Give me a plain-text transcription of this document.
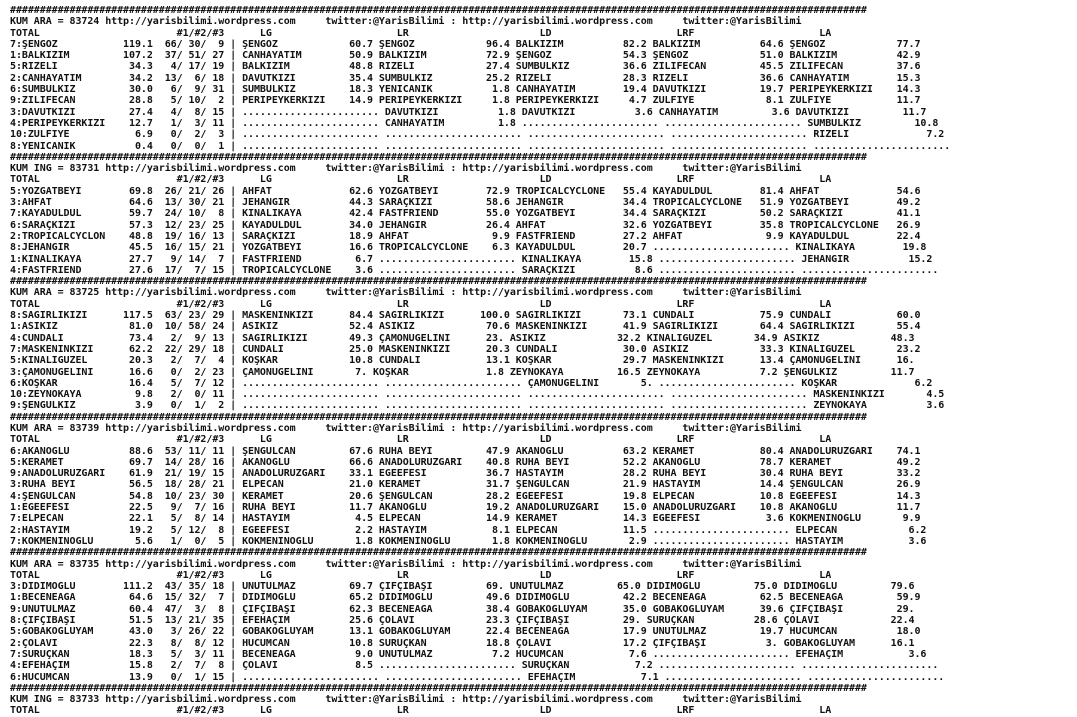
################################################################################################################################################
KUM ARA = 83724 http://yarisbilimi.wordpress.com     twitter:@YarisBilimi : http://yarisbilimi.wordpress.com     twitter:@YarisBilimi
TOTAL                       #1/#2/#3      LG                     LR                      LD                     LRF                     LA
7:ŞENGÖZ           119.1  66/ 30/  9 | ŞENGÖZ            60.7 ŞENGÖZ            96.4 BALKIZIM          82.2 BALKIZIM          64.6 ŞENGÖZ            77.7
1:BALKIZIM         107.2  37/ 51/ 27 | CANHAYATIM        50.9 BALKIZIM          72.9 ŞENGÖZ            54.3 ŞENGÖZ            51.0 BALKIZIM          42.9
5:RİZELİ            34.3   4/ 17/ 19 | BALKIZIM          48.8 RİZELİ            27.4 SÜMBÜLKIZ         36.6 ZİLİFECAN         45.5 ZİLİFECAN         37.6
2:CANHAYATIM        34.2  13/  6/ 18 | DAVUTKIZI         35.4 SÜMBÜLKIZ         25.2 RİZELİ            28.3 RİZELİ            36.6 CANHAYATIM        15.3
6:SÜMBÜLKIZ         30.0   6/  9/ 31 | SÜMBÜLKIZ         18.3 YENİCANİK          1.8 CANHAYATIM        19.4 DAVUTKIZI         19.7 PERİPEYKERKIZI    14.3
9:ZİLİFECAN         28.8   5/ 10/  2 | PERİPEYKERKIZI    14.9 PERİPEYKERKIZI     1.8 PERİPEYKERKIZI     4.7 ZÜLFİYE            8.1 ZÜLFİYE           11.7
3:DAVUTKIZI         27.4   4/  8/ 15 | ....................... DAVUTKIZI          1.8 DAVUTKIZI          3.6 CANHAYATIM         3.6 DAVUTKIZI         11.7
4:PERİPEYKERKIZI    12.7   1/  3/ 11 | ....................... CANHAYATIM         1.8 ....................... ....................... SÜMBÜLKIZ         10.8
10:ZÜLFİYE           6.9   0/  2/  3 | ....................... ....................... ....................... ....................... RİZELİ             7.2
8:YENİCANİK          0.4   0/  0/  1 | ....................... ....................... ....................... ....................... .......................
################################################################################################################################################
KUM ING = 83731 http://yarisbilimi.wordpress.com     twitter:@YarisBilimi : http://yarisbilimi.wordpress.com     twitter:@YarisBilimi
TOTAL                       #1/#2/#3      LG                     LR                      LD                     LRF                     LA
5:YOZGATBEYİ        69.8  26/ 21/ 26 | AHFAT             62.6 YOZGATBEYİ        72.9 TROPICALCYCLONE   55.4 KAYADÜLDÜL        81.4 AHFAT             54.6
3:AHFAT             64.6  13/ 30/ 21 | JEHANGIR          44.3 SARAÇKIZI         58.6 JEHANGIR          34.4 TROPICALCYCLONE   51.9 YOZGATBEYİ        49.2
7:KAYADÜLDÜL        59.7  24/ 10/  8 | KINALIKAYA        42.4 FASTFRIEND        55.0 YOZGATBEYİ        34.4 SARAÇKIZI         50.2 SARAÇKIZI         41.1
6:SARAÇKIZI         57.3  12/ 23/ 25 | KAYADÜLDÜL        34.0 JEHANGIR          26.4 AHFAT             32.6 YOZGATBEYİ        35.8 TROPICALCYCLONE   26.9
2:TROPICALCYCLON    48.8  19/ 16/ 13 | SARAÇKIZI         18.9 AHFAT              9.9 FASTFRIEND        27.2 AHFAT              9.9 KAYADÜLDÜL        22.4
8:JEHANGIR          45.5  16/ 15/ 21 | YOZGATBEYİ        16.6 TROPICALCYCLONE    6.3 KAYADÜLDÜL        20.7 ....................... KINALIKAYA        19.8
1:KINALIKAYA        27.7   9/ 14/  7 | FASTFRIEND         6.7 ....................... KINALIKAYA        15.8 ....................... JEHANGIR          15.2
4:FASTFRIEND        27.6  17/  7/ 15 | TROPICALCYCLONE    3.6 ....................... SARAÇKIZI          8.6 ....................... .......................
################################################################################################################################################
KUM ARA = 83725 http://yarisbilimi.wordpress.com     twitter:@YarisBilimi : http://yarisbilimi.wordpress.com     twitter:@YarisBilimi
TOTAL                       #1/#2/#3      LG                     LR                      LD                     LRF                     LA
8:SAĞIRLIKIZI      117.5  63/ 23/ 29 | MASKENİNKIZI      84.4 SAĞIRLIKIZI      100.0 SAĞIRLIKIZI       73.1 CUNDALI           75.9 CUNDALI           60.0
1:ASIKIZ            81.0  10/ 58/ 24 | ASIKIZ            52.4 ASIKIZ            70.6 MASKENİNKIZI      41.9 SAĞIRLIKIZI       64.4 SAĞIRLIKIZI       55.4
4:CUNDALI           73.4   2/  9/ 13 | SAĞIRLIKIZI       49.3 ÇAMÖNÜGELİNİ      23. ASIKIZ            32.2 KINALIGÜZEL       34.9 ASIKIZ            48.3
7:MASKENİNKIZI      62.2  22/ 29/ 18 | CUNDALI           25.0 MASKENİNKIZI      20.3 CUNDALI           30.0 ASIKIZ            33.3 KINALIGÜZEL       23.2
5:KINALIGÜZEL       20.3   2/  7/  4 | KOŞKAR            10.8 CUNDALI           13.1 KOŞKAR            29.7 MASKENİNKIZI      13.4 ÇAMÖNÜGELİNİ      16.
3:ÇAMÖNÜGELİNİ      16.6   0/  2/ 23 | ÇAMÖNÜGELİNİ       7. KOŞKAR             1.8 ZEYNOKAYA         16.5 ZEYNOKAYA          7.2 ŞENGÜLKIZ         11.7
6:KOŞKAR            16.4   5/  7/ 12 | ....................... ....................... ÇAMÖNÜGELİNİ       5. ....................... KOŞKAR             6.2
10:ZEYNOKAYA         9.8   2/  0/ 11 | ....................... ....................... ....................... ....................... MASKENİNKIZI       4.5
9:ŞENGÜLKIZ          3.9   0/  1/  2 | ....................... ....................... ....................... ....................... ZEYNOKAYA          3.6
################################################################################################################################################
KUM ARA = 83739 http://yarisbilimi.wordpress.com     twitter:@YarisBilimi : http://yarisbilimi.wordpress.com     twitter:@YarisBilimi
TOTAL                       #1/#2/#3      LG                     LR                      LD                     LRF                     LA
6:AKANOĞLU          88.6  53/ 11/ 11 | ŞENGÜLCAN         67.6 RUHA BEYİ         47.9 AKANOĞLU          63.2 KERAMET           80.4 ANADOLURÜZGARI    74.1
5:KERAMET           69.7  14/ 28/ 16 | AKANOĞLU          66.6 ANADOLURÜZGARI    40.8 RUHA BEYİ         52.2 AKANOĞLU          78.7 KERAMET           49.2
9:ANADOLURÜZGARI    61.9  21/ 19/ 15 | ANADOLURÜZGARI    33.1 EGEEFESİ          36.7 HASTAYIM          28.2 RUHA BEYİ         30.4 RUHA BEYİ         33.2
3:RUHA BEYİ         56.5  18/ 28/ 21 | ELPECAN           21.0 KERAMET           31.7 ŞENGÜLCAN         21.9 HASTAYIM          14.4 ŞENGÜLCAN         26.9
4:ŞENGÜLCAN         54.8  10/ 23/ 30 | KERAMET           20.6 ŞENGÜLCAN         28.2 EGEEFESİ          19.8 ELPECAN           10.8 EGEEFESİ          14.3
1:EGEEFESİ          22.5   9/  7/ 16 | RUHA BEYİ         11.7 AKANOĞLU          19.2 ANADOLURÜZGARI    15.0 ANADOLURÜZGARI    10.8 AKANOĞLU          11.7
7:ELPECAN           22.1   5/  8/ 14 | HASTAYIM           4.5 ELPECAN           14.9 KERAMET           14.3 EGEEFESİ           3.6 KÖKMENİNOĞLU       9.9
2:HASTAYIM          19.2   5/ 12/  8 | EGEEFESİ           2.2 HASTAYIM           8.1 ELPECAN           11.5 ....................... ELPECAN            6.2
7:KÖKMENİNOĞLU       5.6   1/  0/  5 | KÖKMENİNOĞLU       1.8 KÖKMENİNOĞLU       1.8 KÖKMENİNOĞLU       2.9 ....................... HASTAYIM           3.6
################################################################################################################################################
KUM ARA = 83735 http://yarisbilimi.wordpress.com     twitter:@YarisBilimi : http://yarisbilimi.wordpress.com     twitter:@YarisBilimi
TOTAL                       #1/#2/#3      LG                     LR                      LD                     LRF                     LA
3:DİDİMOĞLU        111.2  43/ 35/ 18 | UNUTULMAZ         69.7 ÇİFÇİBAŞI         69. UNUTULMAZ         65.0 DİDİMOĞLU         75.0 DİDİMOĞLU         79.6
1:BECENEAĞA         64.6  15/ 32/  7 | DİDİMOĞLU         65.2 DİDİMOĞLU         49.6 DİDİMOĞLU         42.2 BECENEAĞA         62.5 BECENEAĞA         59.9
9:UNUTULMAZ         60.4  47/  3/  8 | ÇİFÇİBAŞI         62.3 BECENEAĞA         38.4 GOBAKOĞLUYAM      35.0 GOBAKOĞLUYAM      39.6 ÇİFÇİBAŞI         29.
8:ÇİFÇİBAŞI         51.5  13/ 21/ 35 | EFEHAÇİM          25.6 ÇOLAVİ            23.3 ÇİFÇİBAŞI         29. SURUÇKAN          28.6 ÇOLAVİ            22.4
5:GOBAKOĞLUYAM      43.0   3/ 26/ 22 | GOBAKOĞLUYAM      13.1 GOBAKOĞLUYAM      22.4 BECENEAĞA         17.9 UNUTULMAZ         19.7 HÜCUMCAN          18.0
2:ÇOLAVİ            22.3   8/  8/ 12 | HÜCUMCAN          10.8 SURUÇKAN          18.8 ÇOLAVİ            17.2 ÇİFÇİBAŞI          3. GOBAKOĞLUYAM      16.1
7:SURUÇKAN          18.3   5/  3/ 11 | BECENEAĞA          9.0 UNUTULMAZ          7.2 HÜCUMCAN           7.6 ....................... EFEHAÇİM           3.6
4:EFEHAÇİM          15.8   2/  7/  8 | ÇOLAVİ             8.5 ....................... SURUÇKAN           7.2 ....................... .......................
6:HÜCUMCAN          13.9   0/  1/ 15 | ....................... ....................... EFEHAÇİM           7.1 ....................... .......................
################################################################################################################################################
KUM ING = 83733 http://yarisbilimi.wordpress.com     twitter:@YarisBilimi : http://yarisbilimi.wordpress.com     twitter:@YarisBilimi
TOTAL                       #1/#2/#3      LG                     LR                      LD                     LRF                     LA
